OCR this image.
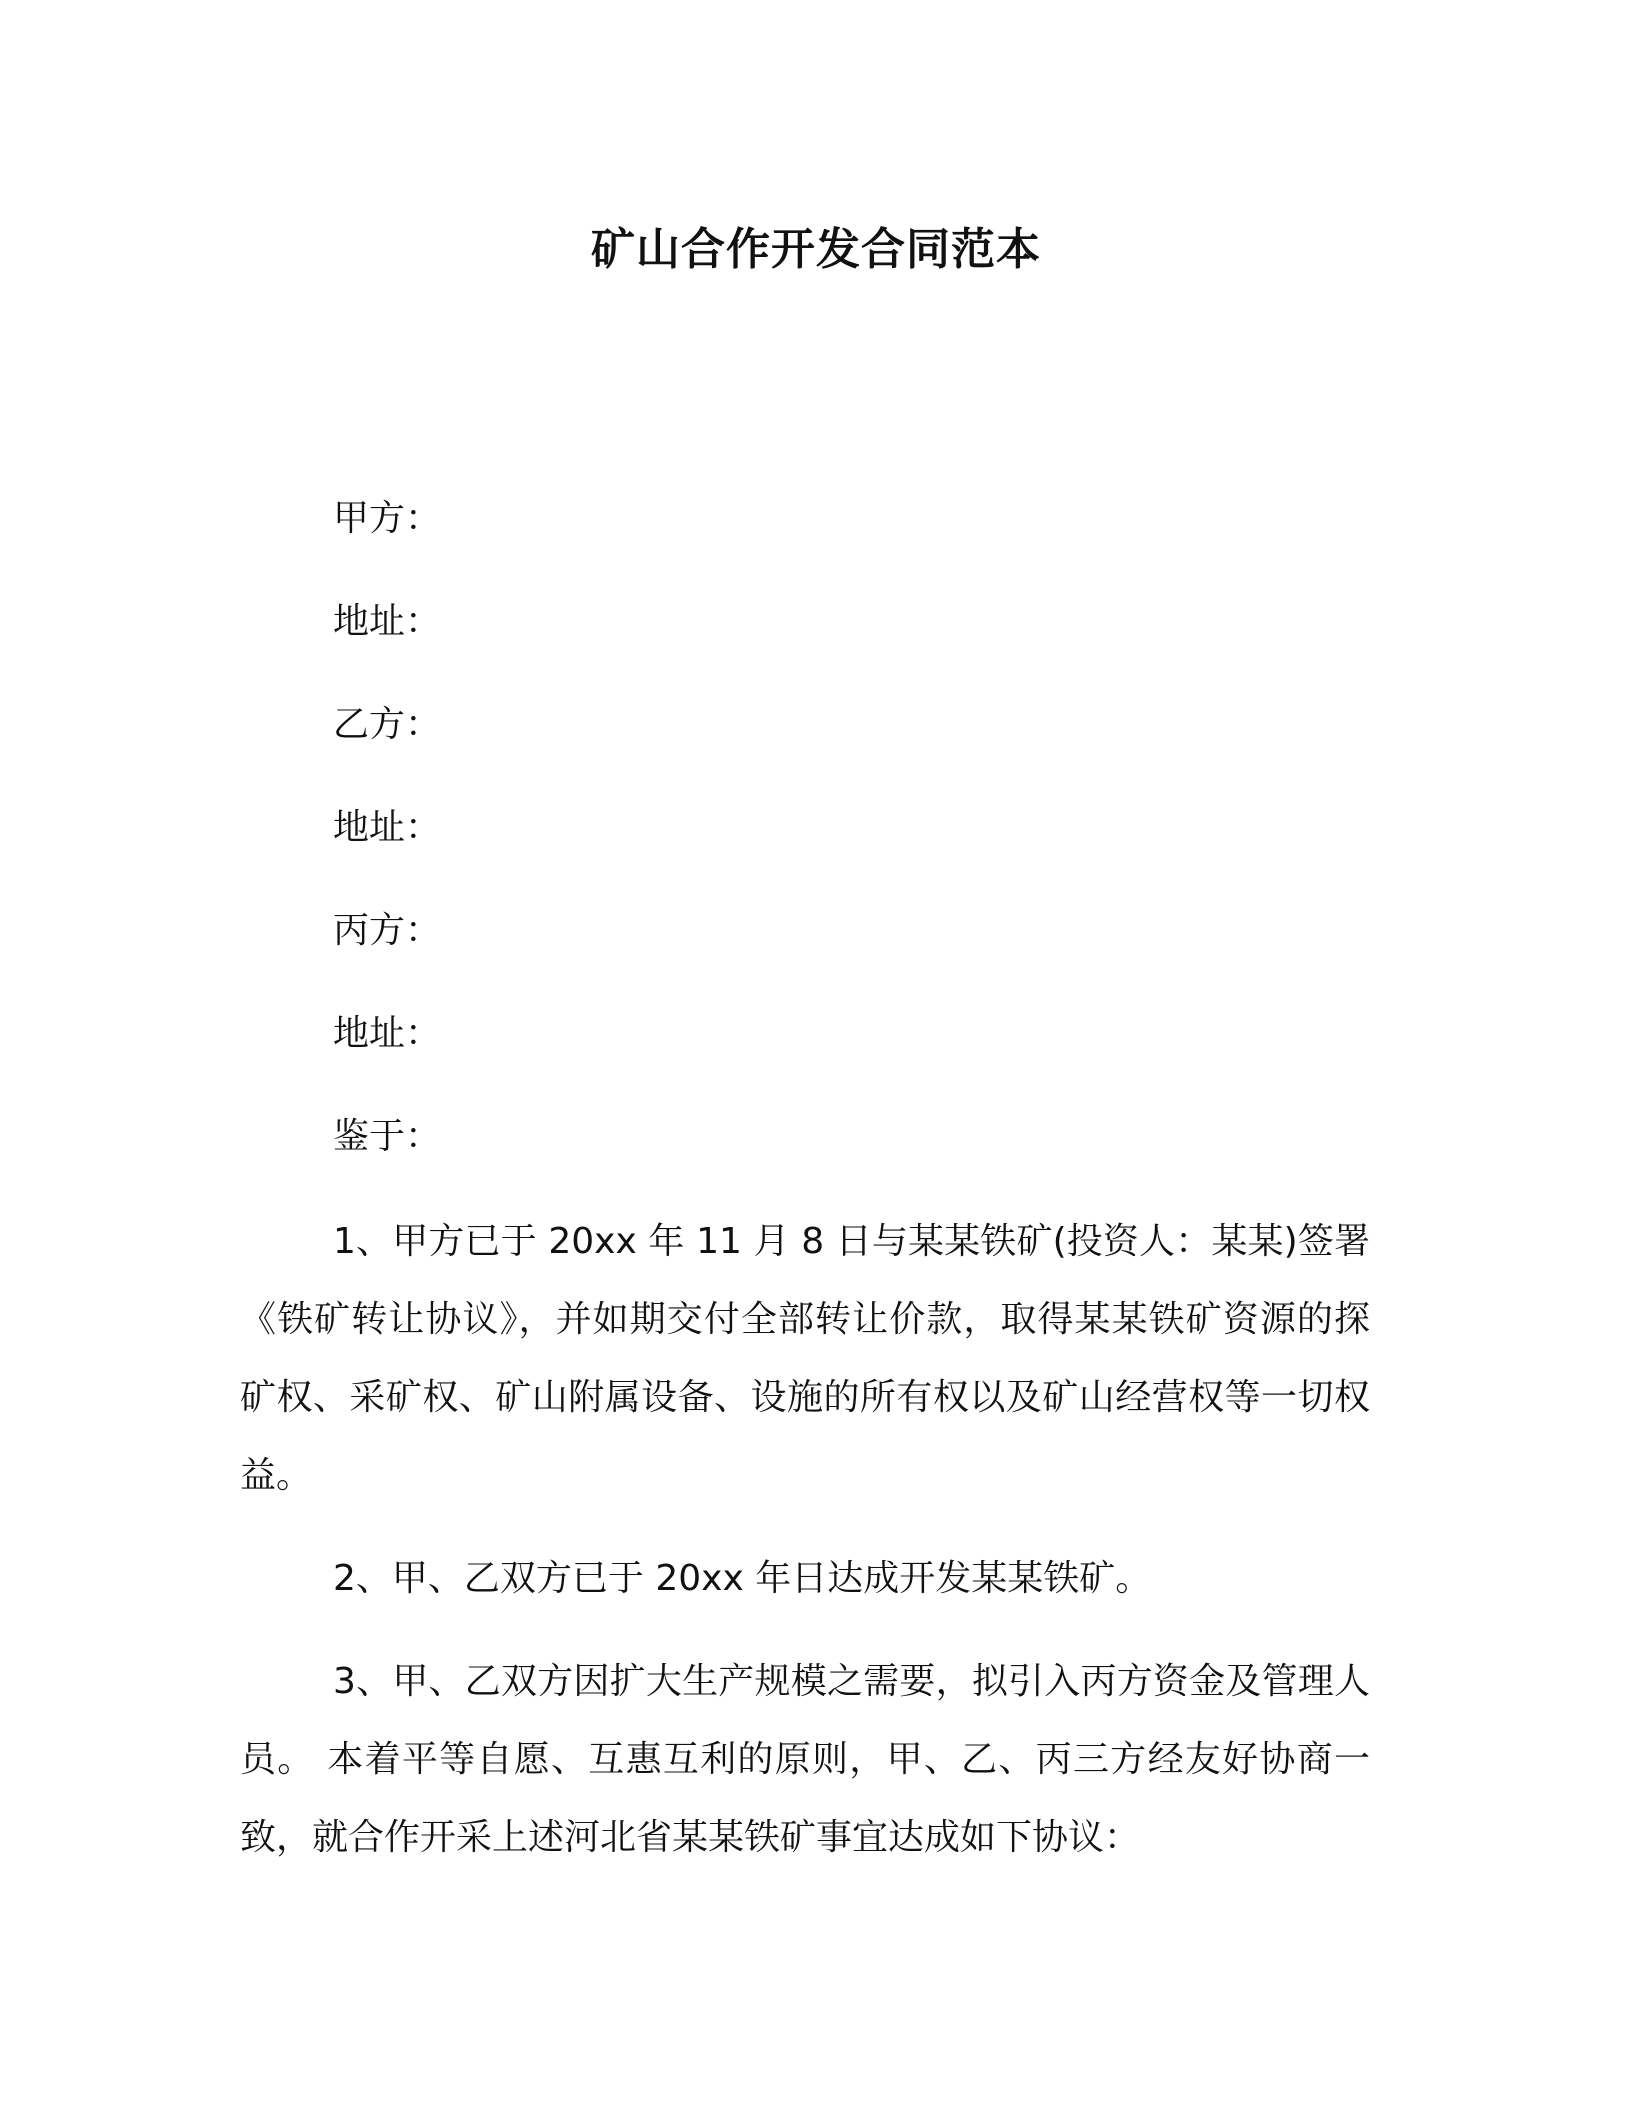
矿山合作开发合同范本
甲方：
地址：
乙方：
地址：
丙方：
地址：
鉴于：
1、甲方已于 20xx 年 11 月 8 日与某某铁矿(投资人：某某)签署《铁矿转让协议》，并如期交付全部转让价款，取得某某铁矿资源的探矿权、采矿权、矿山附属设备、设施的所有权以及矿山经营权等一切权益。
2、甲、乙双方已于 20xx 年日达成开发某某铁矿。
3、甲、乙双方因扩大生产规模之需要，拟引入丙方资金及管理人员。 本着平等自愿、互惠互利的原则，甲、乙、丙三方经友好协商一致，就合作开采上述河北省某某铁矿事宜达成如下协议：
